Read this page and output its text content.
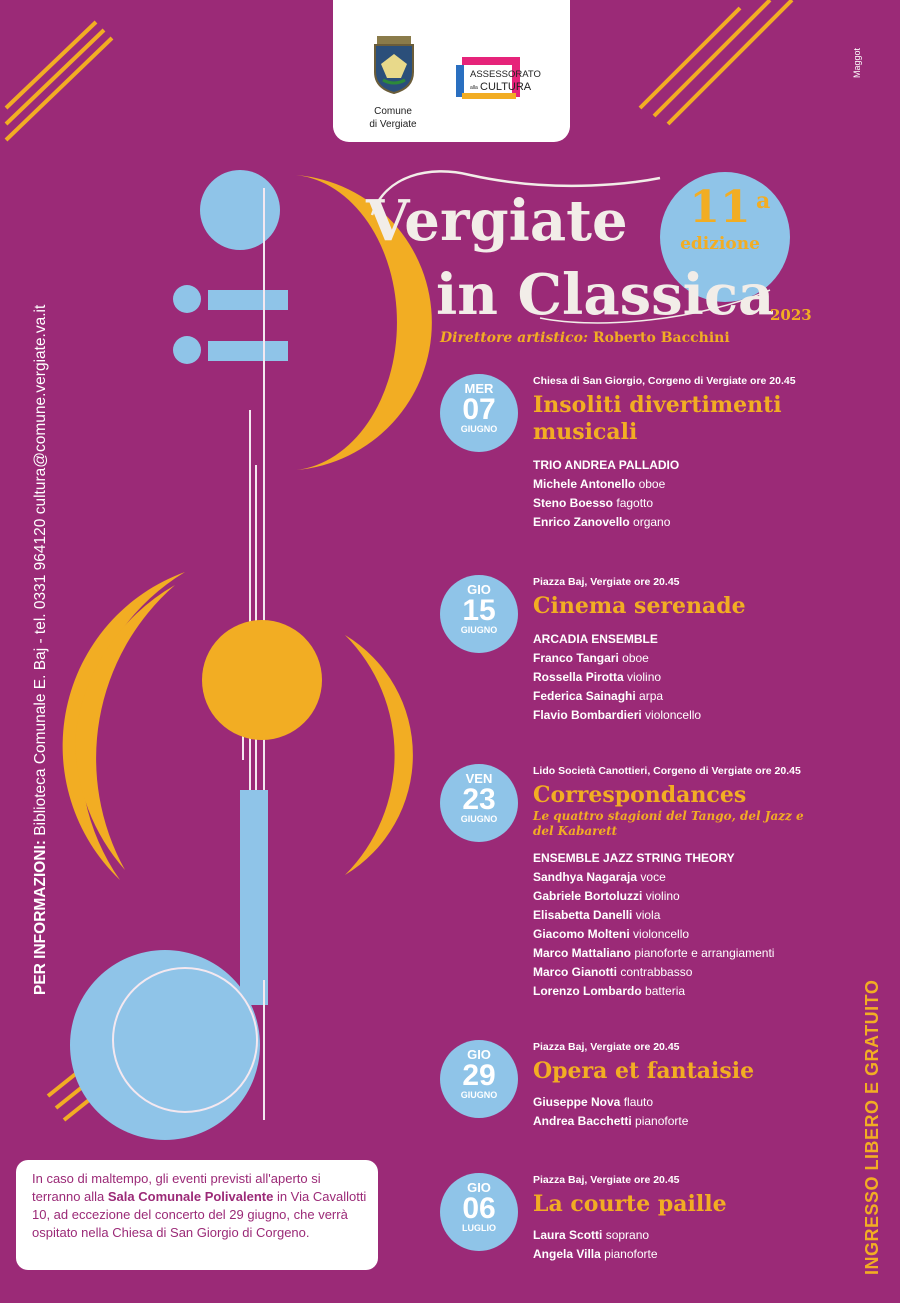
Comune
di Vergiate
ASSESSORATO
alla CULTURA
Maggot
11 a
edizione
Vergiate
in Classica
2023
Direttore artistico: Roberto Bacchini
PER INFORMAZIONI: Biblioteca Comunale E. Baj - tel. 0331 964120 cultura@comune.vergiate.va.it
INGRESSO LIBERO E GRATUITO
MER
07
GIUGNO
Chiesa di San Giorgio, Corgeno di Vergiate ore 20.45
Insoliti divertimenti musicali
TRIO ANDREA PALLADIO
Michele Antonello oboe
Steno Boesso fagotto
Enrico Zanovello organo
GIO
15
GIUGNO
Piazza Baj, Vergiate ore 20.45
Cinema serenade
ARCADIA ENSEMBLE
Franco Tangari oboe
Rossella Pirotta violino
Federica Sainaghi arpa
Flavio Bombardieri violoncello
VEN
23
GIUGNO
Lido Società Canottieri, Corgeno di Vergiate ore 20.45
Correspondances
Le quattro stagioni del Tango, del Jazz e del Kabarett
ENSEMBLE JAZZ STRING THEORY
Sandhya Nagaraja voce
Gabriele Bortoluzzi violino
Elisabetta Danelli viola
Giacomo Molteni violoncello
Marco Mattaliano pianoforte e arrangiamenti
Marco Gianotti contrabbasso
Lorenzo Lombardo batteria
GIO
29
GIUGNO
Piazza Baj, Vergiate ore 20.45
Opera et fantaisie
Giuseppe Nova flauto
Andrea Bacchetti pianoforte
GIO
06
LUGLIO
Piazza Baj, Vergiate ore 20.45
La courte paille
Laura Scotti soprano
Angela Villa pianoforte

In caso di maltempo, gli eventi previsti all'aperto si terranno alla Sala Comunale Polivalente in Via Cavallotti 10, ad eccezione del concerto del 29 giugno, che verrà ospitato nella Chiesa di San Giorgio di Corgeno.
